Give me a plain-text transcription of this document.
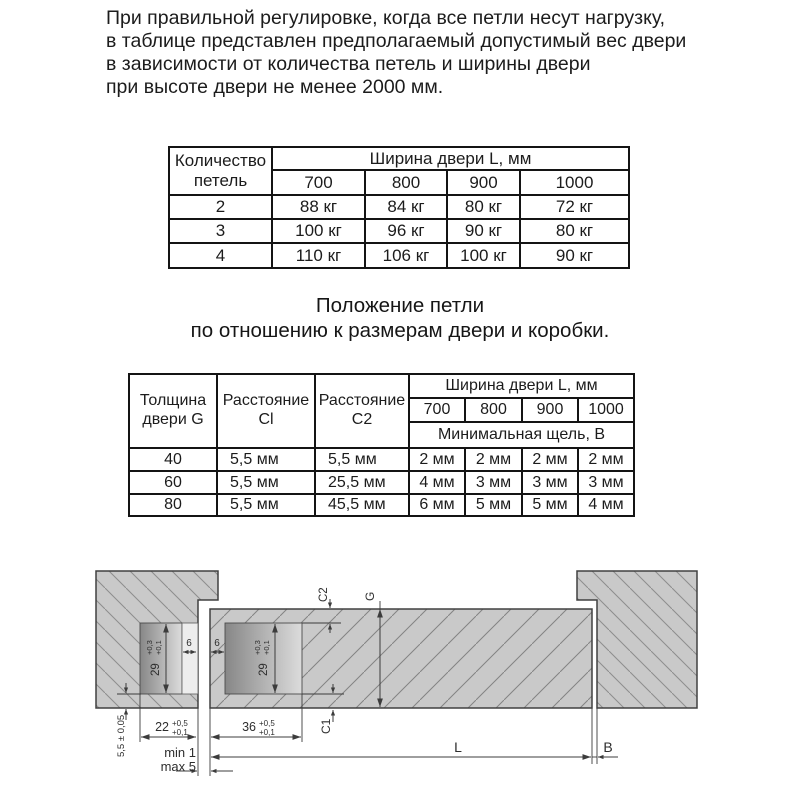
При правильной регулировке, когда все петли несут нагрузку,
в таблице представлен предполагаемый допустимый вес двери
в зависимости от количества петель и ширины двери
при высоте двери не менее 2000 мм.
Количество петель	Ширина двери L, мм			
	700	800	900	1000
2	88 кг	84 кг	80 кг	72 кг
3	100 кг	96 кг	90 кг	80 кг
4	110 кг	106 кг	100 кг	90 кг
Положение петли
по отношению к размерам двери и коробки.
Толщина двери G	Расстояние Cl	Расстояние C2	Ширина двери L, мм			
			700	800	900	1000
			Минимальная щель, B			
40	5,5 мм	5,5 мм	2 мм	2 мм	2 мм	2 мм
60	5,5 мм	25,5 мм	4 мм	3 мм	3 мм	3 мм
80	5,5 мм	45,5 мм	6 мм	5 мм	5 мм	4 мм
C2	G
C1
5,5 ± 0,05
29
+0,3 +0,1
29
+0,3 +0,1
6 6
22 +0,5
+0,1	36 +0,5
+0,1
min 1
max 5
L	B
